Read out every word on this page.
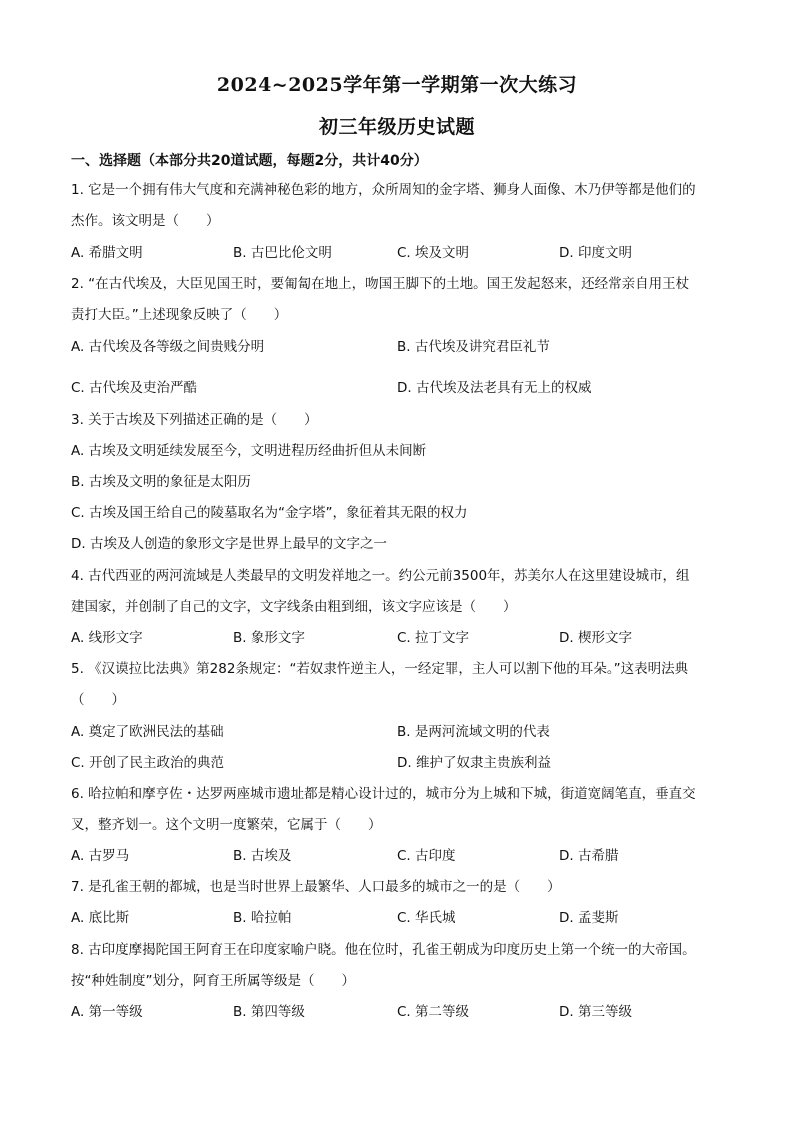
2024~2025学年第一学期第一次大练习
初三年级历史试题
一、选择题（本部分共20道试题，每题2分，共计40分）
1. 它是一个拥有伟大气度和充满神秘色彩的地方，众所周知的金字塔、狮身人面像、木乃伊等都是他们的
杰作。该文明是（　　）
A. 希腊文明	B. 古巴比伦文明	C. 埃及文明	D. 印度文明
2. “在古代埃及，大臣见国王时，要匍匐在地上，吻国王脚下的土地。国王发起怒来，还经常亲自用王杖
责打大臣。”上述现象反映了（　　）
A. 古代埃及各等级之间贵贱分明	B. 古代埃及讲究君臣礼节
C. 古代埃及吏治严酷	D. 古代埃及法老具有无上的权威
3. 关于古埃及下列描述正确的是（　　）
A. 古埃及文明延续发展至今，文明进程历经曲折但从未间断
B. 古埃及文明的象征是太阳历
C. 古埃及国王给自己的陵墓取名为“金字塔”，象征着其无限的权力
D. 古埃及人创造的象形文字是世界上最早的文字之一
4. 古代西亚的两河流域是人类最早的文明发祥地之一。约公元前3500年，苏美尔人在这里建设城市，组
建国家，并创制了自己的文字，文字线条由粗到细，该文字应该是（　　）
A. 线形文字	B. 象形文字	C. 拉丁文字	D. 楔形文字
5. 《汉谟拉比法典》第282条规定：“若奴隶忤逆主人，一经定罪，主人可以割下他的耳朵。”这表明法典
（　　）
A. 奠定了欧洲民法的基础	B. 是两河流域文明的代表
C. 开创了民主政治的典范	D. 维护了奴隶主贵族利益
6. 哈拉帕和摩亨佐・达罗两座城市遗址都是精心设计过的，城市分为上城和下城，街道宽阔笔直，垂直交
叉，整齐划一。这个文明一度繁荣，它属于（　　）
A. 古罗马	B. 古埃及	C. 古印度	D. 古希腊
7. 是孔雀王朝的都城，也是当时世界上最繁华、人口最多的城市之一的是（　　）
A. 底比斯	B. 哈拉帕	C. 华氏城	D. 孟斐斯
8. 古印度摩揭陀国王阿育王在印度家喻户晓。他在位时，孔雀王朝成为印度历史上第一个统一的大帝国。
按“种姓制度”划分，阿育王所属等级是（　　）
A. 第一等级	B. 第四等级	C. 第二等级	D. 第三等级
